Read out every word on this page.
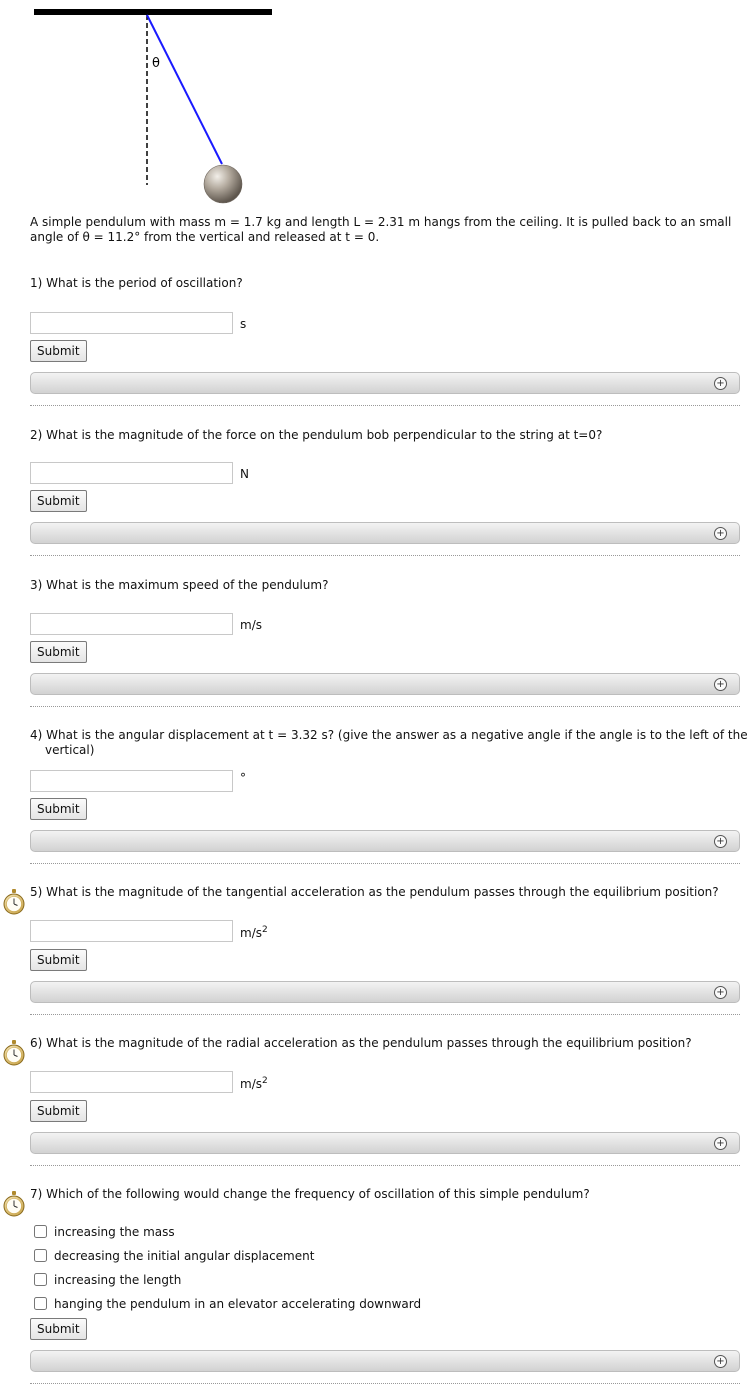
θ
A simple pendulum with mass m = 1.7 kg and length L = 2.31 m hangs from the ceiling. It is pulled back to an small angle of θ = 11.2° from the vertical and released at t = 0.
1) What is the period of oscillation?
s
Submit
+
2) What is the magnitude of the force on the pendulum bob perpendicular to the string at t=0?
N
Submit
+
3) What is the maximum speed of the pendulum?
m/s
Submit
+
4) What is the angular displacement at t = 3.32 s? (give the answer as a negative angle if the angle is to the left of the vertical)
°
Submit
+
5) What is the magnitude of the tangential acceleration as the pendulum passes through the equilibrium position?
$m/s^2$
Submit
+
6) What is the magnitude of the radial acceleration as the pendulum passes through the equilibrium position?
$m/s^2$
Submit
+
7) Which of the following would change the frequency of oscillation of this simple pendulum?
increasing the mass
decreasing the initial angular displacement
increasing the length
hanging the pendulum in an elevator accelerating downward
Submit
+
